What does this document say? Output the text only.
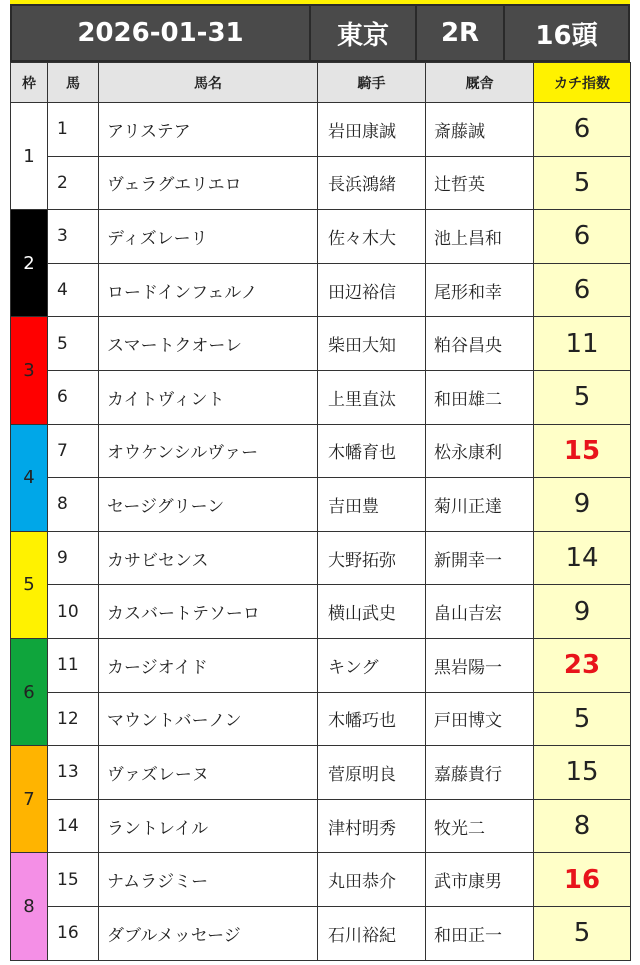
2026-01-31	東京	2R	16頭
枠	馬	馬名	騎手	厩舎	カチ指数
1	1	アリステア	岩田康誠	斎藤誠	6
	2	ヴェラグエリエロ	長浜鴻緒	辻哲英	5
2	3	ディズレーリ	佐々木大	池上昌和	6
	4	ロードインフェルノ	田辺裕信	尾形和幸	6
3	5	スマートクオーレ	柴田大知	粕谷昌央	11
	6	カイトヴィント	上里直汰	和田雄二	5
4	7	オウケンシルヴァー	木幡育也	松永康利	15
	8	セージグリーン	吉田豊	菊川正達	9
5	9	カサビセンス	大野拓弥	新開幸一	14
	10	カスバートテソーロ	横山武史	畠山吉宏	9
6	11	カージオイド	キング	黒岩陽一	23
	12	マウントバーノン	木幡巧也	戸田博文	5
7	13	ヴァズレーヌ	菅原明良	嘉藤貴行	15
	14	ラントレイル	津村明秀	牧光二	8
8	15	ナムラジミー	丸田恭介	武市康男	16
	16	ダブルメッセージ	石川裕紀	和田正一	5
